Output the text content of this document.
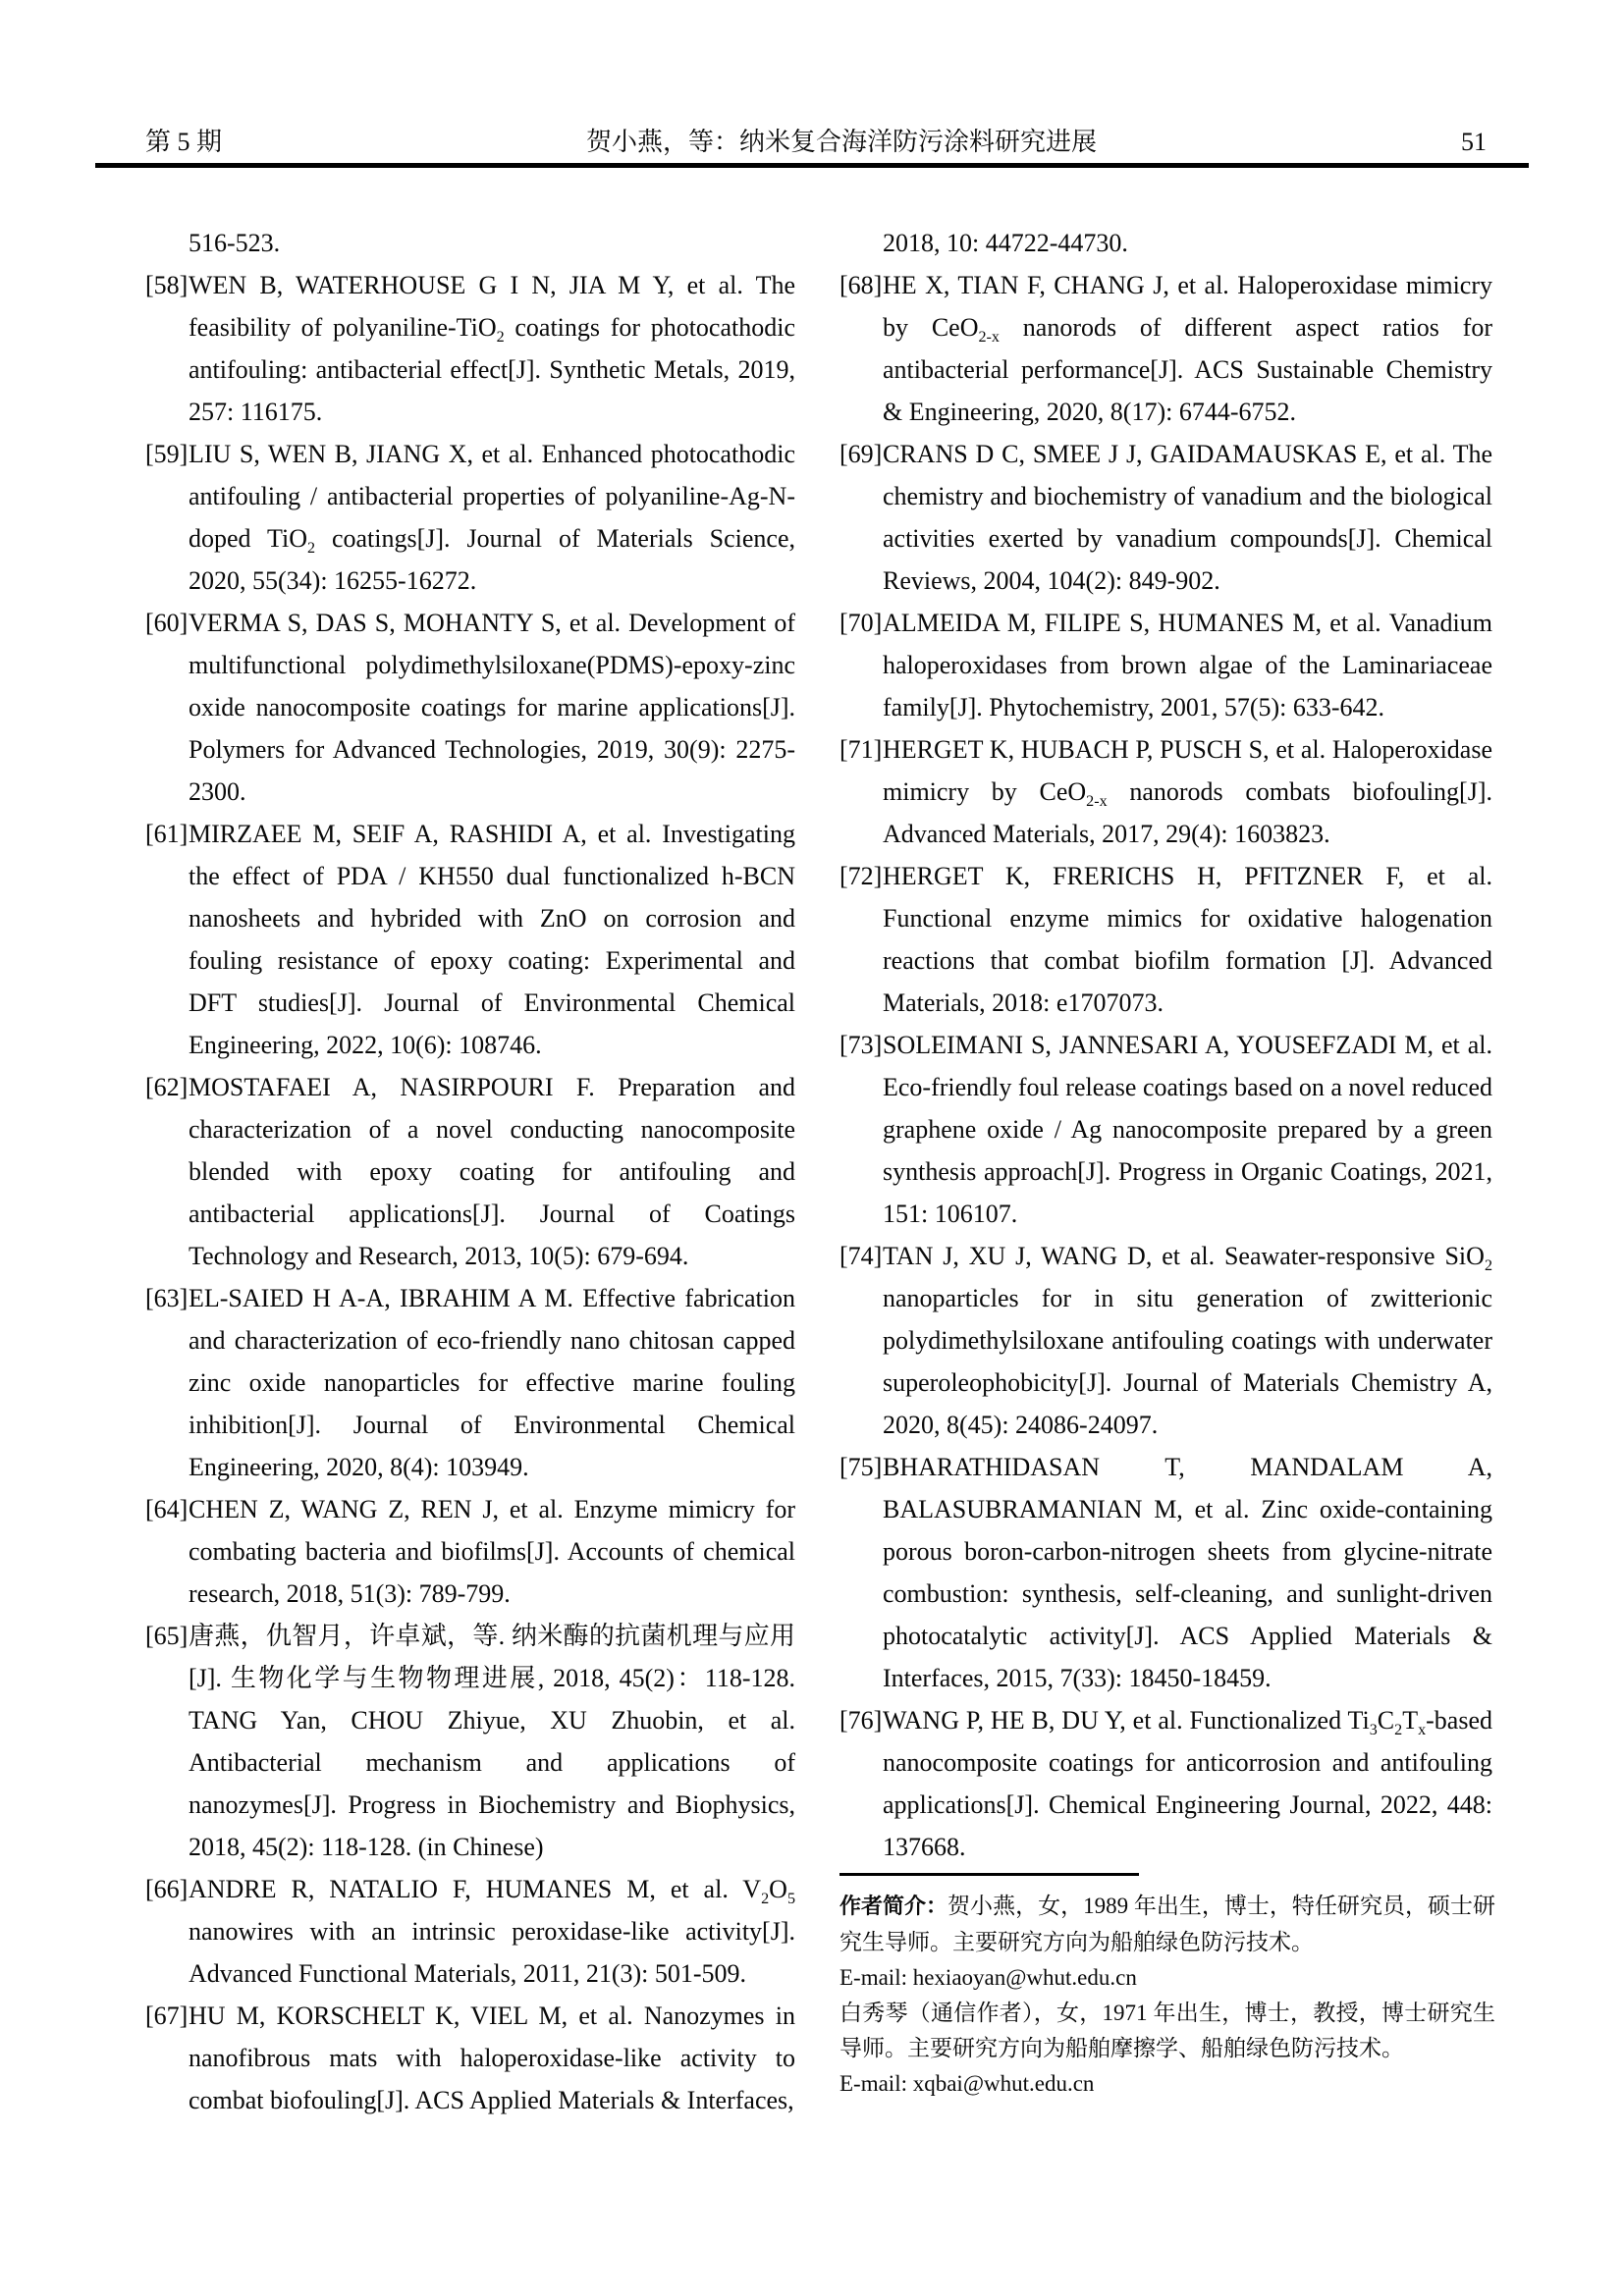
第 5 期	贺小燕，等：纳米复合海洋防污涂料研究进展	51

516-523.

[58] WEN B, WATERHOUSE G I N, JIA M Y, et al. The feasibility of polyaniline-TiO$_2$ coatings for photocathodic antifouling: antibacterial effect[J]. Synthetic Metals, 2019, 257: 116175.

[59] LIU S, WEN B, JIANG X, et al. Enhanced photocathodic antifouling / antibacterial properties of polyaniline-Ag-N-doped TiO$_2$ coatings[J]. Journal of Materials Science, 2020, 55(34): 16255-16272.

[60] VERMA S, DAS S, MOHANTY S, et al. Development of multifunctional polydimethylsiloxane(PDMS)-epoxy-zinc oxide nanocomposite coatings for marine applications[J]. Polymers for Advanced Technologies, 2019, 30(9): 2275-2300.

[61] MIRZAEE M, SEIF A, RASHIDI A, et al. Investigating the effect of PDA / KH550 dual functionalized h-BCN nanosheets and hybrided with ZnO on corrosion and fouling resistance of epoxy coating: Experimental and DFT studies[J]. Journal of Environmental Chemical Engineering, 2022, 10(6): 108746.

[62] MOSTAFAEI A, NASIRPOURI F. Preparation and characterization of a novel conducting nanocomposite blended with epoxy coating for antifouling and antibacterial applications[J]. Journal of Coatings Technology and Research, 2013, 10(5): 679-694.

[63] EL-SAIED H A-A, IBRAHIM A M. Effective fabrication and characterization of eco-friendly nano chitosan capped zinc oxide nanoparticles for effective marine fouling inhibition[J]. Journal of Environmental Chemical Engineering, 2020, 8(4): 103949.

[64] CHEN Z, WANG Z, REN J, et al. Enzyme mimicry for combating bacteria and biofilms[J]. Accounts of chemical research, 2018, 51(3): 789-799.

[65] 唐燕，仇智月，许卓斌，等. 纳米酶的抗菌机理与应用[J]. 生物化学与生物物理进展, 2018, 45(2)：118-128. TANG Yan, CHOU Zhiyue, XU Zhuobin, et al. Antibacterial mechanism and applications of nanozymes[J]. Progress in Biochemistry and Biophysics, 2018, 45(2): 118-128. (in Chinese)

[66] ANDRE R, NATALIO F, HUMANES M, et al. $V_2O_5$ nanowires with an intrinsic peroxidase-like activity[J]. Advanced Functional Materials, 2011, 21(3): 501-509.

[67] HU M, KORSCHELT K, VIEL M, et al. Nanozymes in nanofibrous mats with haloperoxidase-like activity to combat biofouling[J]. ACS Applied Materials & Interfaces,

2018, 10: 44722-44730.

[68] HE X, TIAN F, CHANG J, et al. Haloperoxidase mimicry by CeO$_{2-x}$ nanorods of different aspect ratios for antibacterial performance[J]. ACS Sustainable Chemistry & Engineering, 2020, 8(17): 6744-6752.

[69] CRANS D C, SMEE J J, GAIDAMAUSKAS E, et al. The chemistry and biochemistry of vanadium and the biological activities exerted by vanadium compounds[J]. Chemical Reviews, 2004, 104(2): 849-902.

[70] ALMEIDA M, FILIPE S, HUMANES M, et al. Vanadium haloperoxidases from brown algae of the Laminariaceae family[J]. Phytochemistry, 2001, 57(5): 633-642.

[71] HERGET K, HUBACH P, PUSCH S, et al. Haloperoxidase mimicry by CeO$_{2-x}$ nanorods combats biofouling[J]. Advanced Materials, 2017, 29(4): 1603823.

[72] HERGET K, FRERICHS H, PFITZNER F, et al. Functional enzyme mimics for oxidative halogenation reactions that combat biofilm formation [J]. Advanced Materials, 2018: e1707073.

[73] SOLEIMANI S, JANNESARI A, YOUSEFZADI M, et al. Eco-friendly foul release coatings based on a novel reduced graphene oxide / Ag nanocomposite prepared by a green synthesis approach[J]. Progress in Organic Coatings, 2021, 151: 106107.

[74] TAN J, XU J, WANG D, et al. Seawater-responsive SiO$_2$ nanoparticles for in situ generation of zwitterionic polydimethylsiloxane antifouling coatings with underwater superoleophobicity[J]. Journal of Materials Chemistry A, 2020, 8(45): 24086-24097.

[75] BHARATHIDASAN T, MANDALAM A, BALASUBRAMANIAN M, et al. Zinc oxide-containing porous boron-carbon-nitrogen sheets from glycine-nitrate combustion: synthesis, self-cleaning, and sunlight-driven photocatalytic activity[J]. ACS Applied Materials & Interfaces, 2015, 7(33): 18450-18459.

[76] WANG P, HE B, DU Y, et al. Functionalized $Ti_3C_2T_x$-based nanocomposite coatings for anticorrosion and antifouling applications[J]. Chemical Engineering Journal, 2022, 448: 137668.

作者简介：贺小燕，女，1989 年出生，博士，特任研究员，硕士研究生导师。主要研究方向为船舶绿色防污技术。

E-mail: hexiaoyan@whut.edu.cn

白秀琴（通信作者），女，1971 年出生，博士，教授，博士研究生导师。主要研究方向为船舶摩擦学、船舶绿色防污技术。

E-mail: xqbai@whut.edu.cn
